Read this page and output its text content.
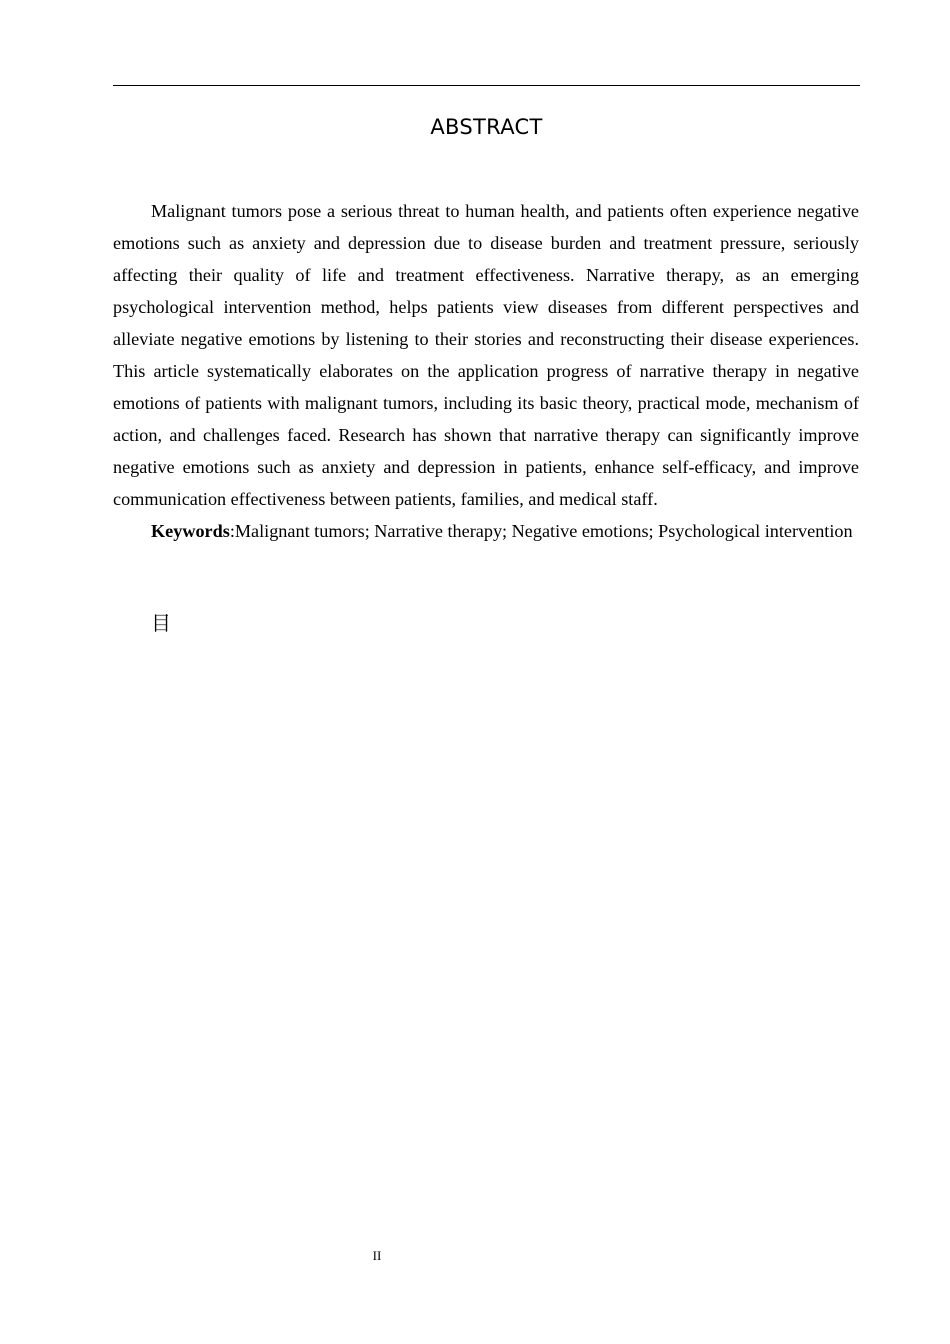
ABSTRACT

Malignant tumors pose a serious threat to human health, and patients often experience negative emotions such as anxiety and depression due to disease burden and treatment pressure, seriously affecting their quality of life and treatment effectiveness. Narrative therapy, as an emerging psychological intervention method, helps patients view diseases from different perspectives and alleviate negative emotions by listening to their stories and reconstructing their disease experiences. This article systematically elaborates on the application progress of narrative therapy in negative emotions of patients with malignant tumors, including its basic theory, practical mode, mechanism of action, and challenges faced. Research has shown that narrative therapy can significantly improve negative emotions such as anxiety and depression in patients, enhance self-efficacy, and improve communication effectiveness between patients, families, and medical staff.

Keywords:Malignant tumors; Narrative therapy; Negative emotions; Psychological intervention

目
II
